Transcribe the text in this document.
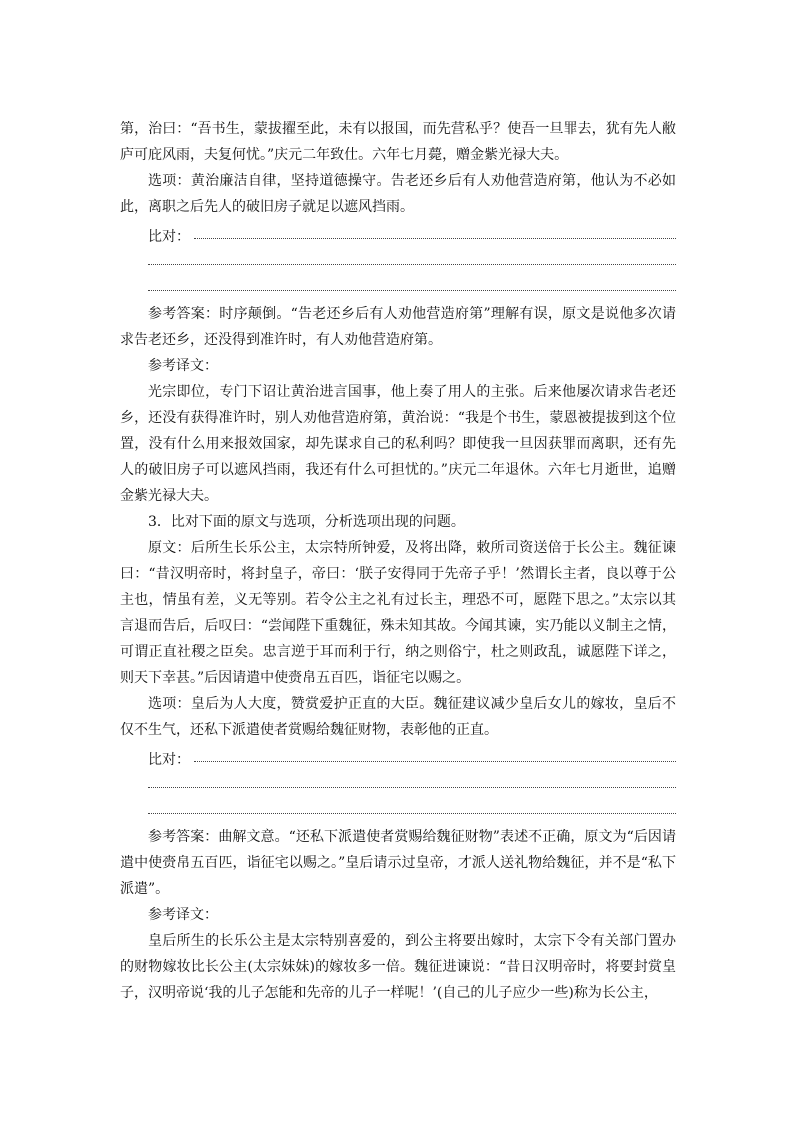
第，治曰：“吾书生，蒙拔擢至此，未有以报国，而先营私乎？使吾一旦罪去，犹有先人敝庐可庇风雨，夫复何忧。”庆元二年致仕。六年七月薨，赠金紫光禄大夫。

选项：黄治廉洁自律，坚持道德操守。告老还乡后有人劝他营造府第，他认为不必如此，离职之后先人的破旧房子就足以遮风挡雨。

比对：

参考答案：时序颠倒。“告老还乡后有人劝他营造府第”理解有误，原文是说他多次请求告老还乡，还没得到准许时，有人劝他营造府第。

参考译文：

光宗即位，专门下诏让黄治进言国事，他上奏了用人的主张。后来他屡次请求告老还乡，还没有获得准许时，别人劝他营造府第，黄治说：“我是个书生，蒙恩被提拔到这个位置，没有什么用来报效国家，却先谋求自己的私利吗？即使我一旦因获罪而离职，还有先人的破旧房子可以遮风挡雨，我还有什么可担忧的。”庆元二年退休。六年七月逝世，追赠金紫光禄大夫。

3．比对下面的原文与选项，分析选项出现的问题。

原文：后所生长乐公主，太宗特所钟爱，及将出降，敕所司资送倍于长公主。魏征谏曰：“昔汉明帝时，将封皇子，帝曰：‘朕子安得同于先帝子乎！’然谓长主者，良以尊于公主也，情虽有差，义无等别。若令公主之礼有过长主，理恐不可，愿陛下思之。”太宗以其言退而告后，后叹曰：“尝闻陛下重魏征，殊未知其故。今闻其谏，实乃能以义制主之情，可谓正直社稷之臣矣。忠言逆于耳而利于行，纳之则俗宁，杜之则政乱，诚愿陛下详之，则天下幸甚。”后因请遣中使赍帛五百匹，诣征宅以赐之。

选项：皇后为人大度，赞赏爱护正直的大臣。魏征建议减少皇后女儿的嫁妆，皇后不仅不生气，还私下派遣使者赏赐给魏征财物，表彰他的正直。

比对：

参考答案：曲解文意。“还私下派遣使者赏赐给魏征财物”表述不正确，原文为“后因请遣中使赍帛五百匹，诣征宅以赐之。”皇后请示过皇帝，才派人送礼物给魏征，并不是“私下派遣”。

参考译文：

皇后所生的长乐公主是太宗特别喜爱的，到公主将要出嫁时，太宗下令有关部门置办的财物嫁妆比长公主(太宗妹妹)的嫁妆多一倍。魏征进谏说：“昔日汉明帝时，将要封赏皇子，汉明帝说‘我的儿子怎能和先帝的儿子一样呢！’(自己的儿子应少一些)称为长公主，
